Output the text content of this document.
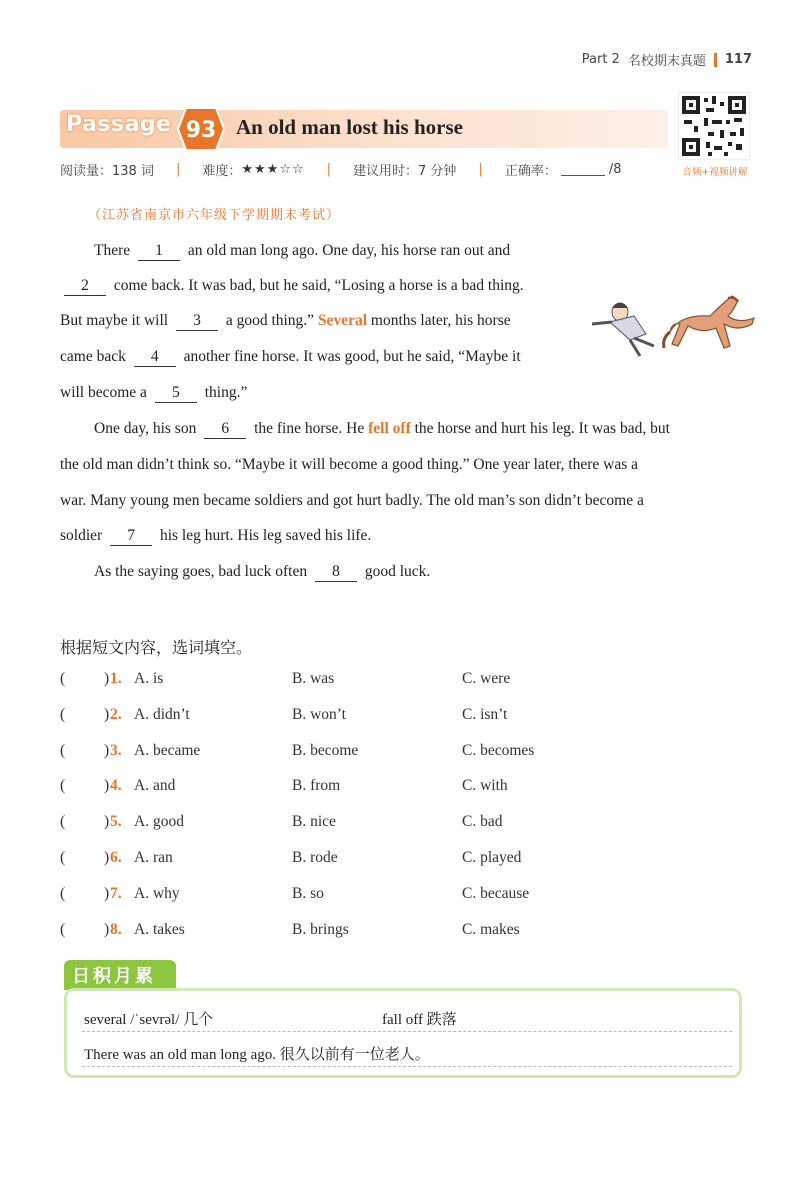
Part 2 名校期末真题 117
Passage 93 An old man lost his horse
音频+视频讲解
阅读量：138 词 | 难度： ★★★☆☆ | 建议用时：7 分钟 | 正确率：	/8
（江苏省南京市六年级下学期期末考试）
There 1 an old man long ago. One day, his horse ran out and
2 come back. It was bad, but he said, “Losing a horse is a bad thing.
But maybe it will 3 a good thing.” Several months later, his horse
came back 4 another fine horse. It was good, but he said, “Maybe it
will become a 5 thing.”
One day, his son 6 the fine horse. He fell off the horse and hurt his leg. It was bad, but
the old man didn’t think so. “Maybe it will become a good thing.” One year later, there was a
war. Many young men became soldiers and got hurt badly. The old man’s son didn’t become a
soldier 7 his leg hurt. His leg saved his life.
As the saying goes, bad luck often 8 good luck.
根据短文内容，选词填空。
(	) 1. A. is	B. was	C. were
(	) 2. A. didn’t	B. won’t	C. isn’t
(	) 3. A. became	B. become	C. becomes
(	) 4. A. and	B. from	C. with
(	) 5. A. good	B. nice	C. bad
(	) 6. A. ran	B. rode	C. played
(	) 7. A. why	B. so	C. because
(	) 8. A. takes	B. brings	C. makes
日积月累
several /ˈsevrəl/ 几个	fall off 跌落
There was an old man long ago. 很久以前有一位老人。
